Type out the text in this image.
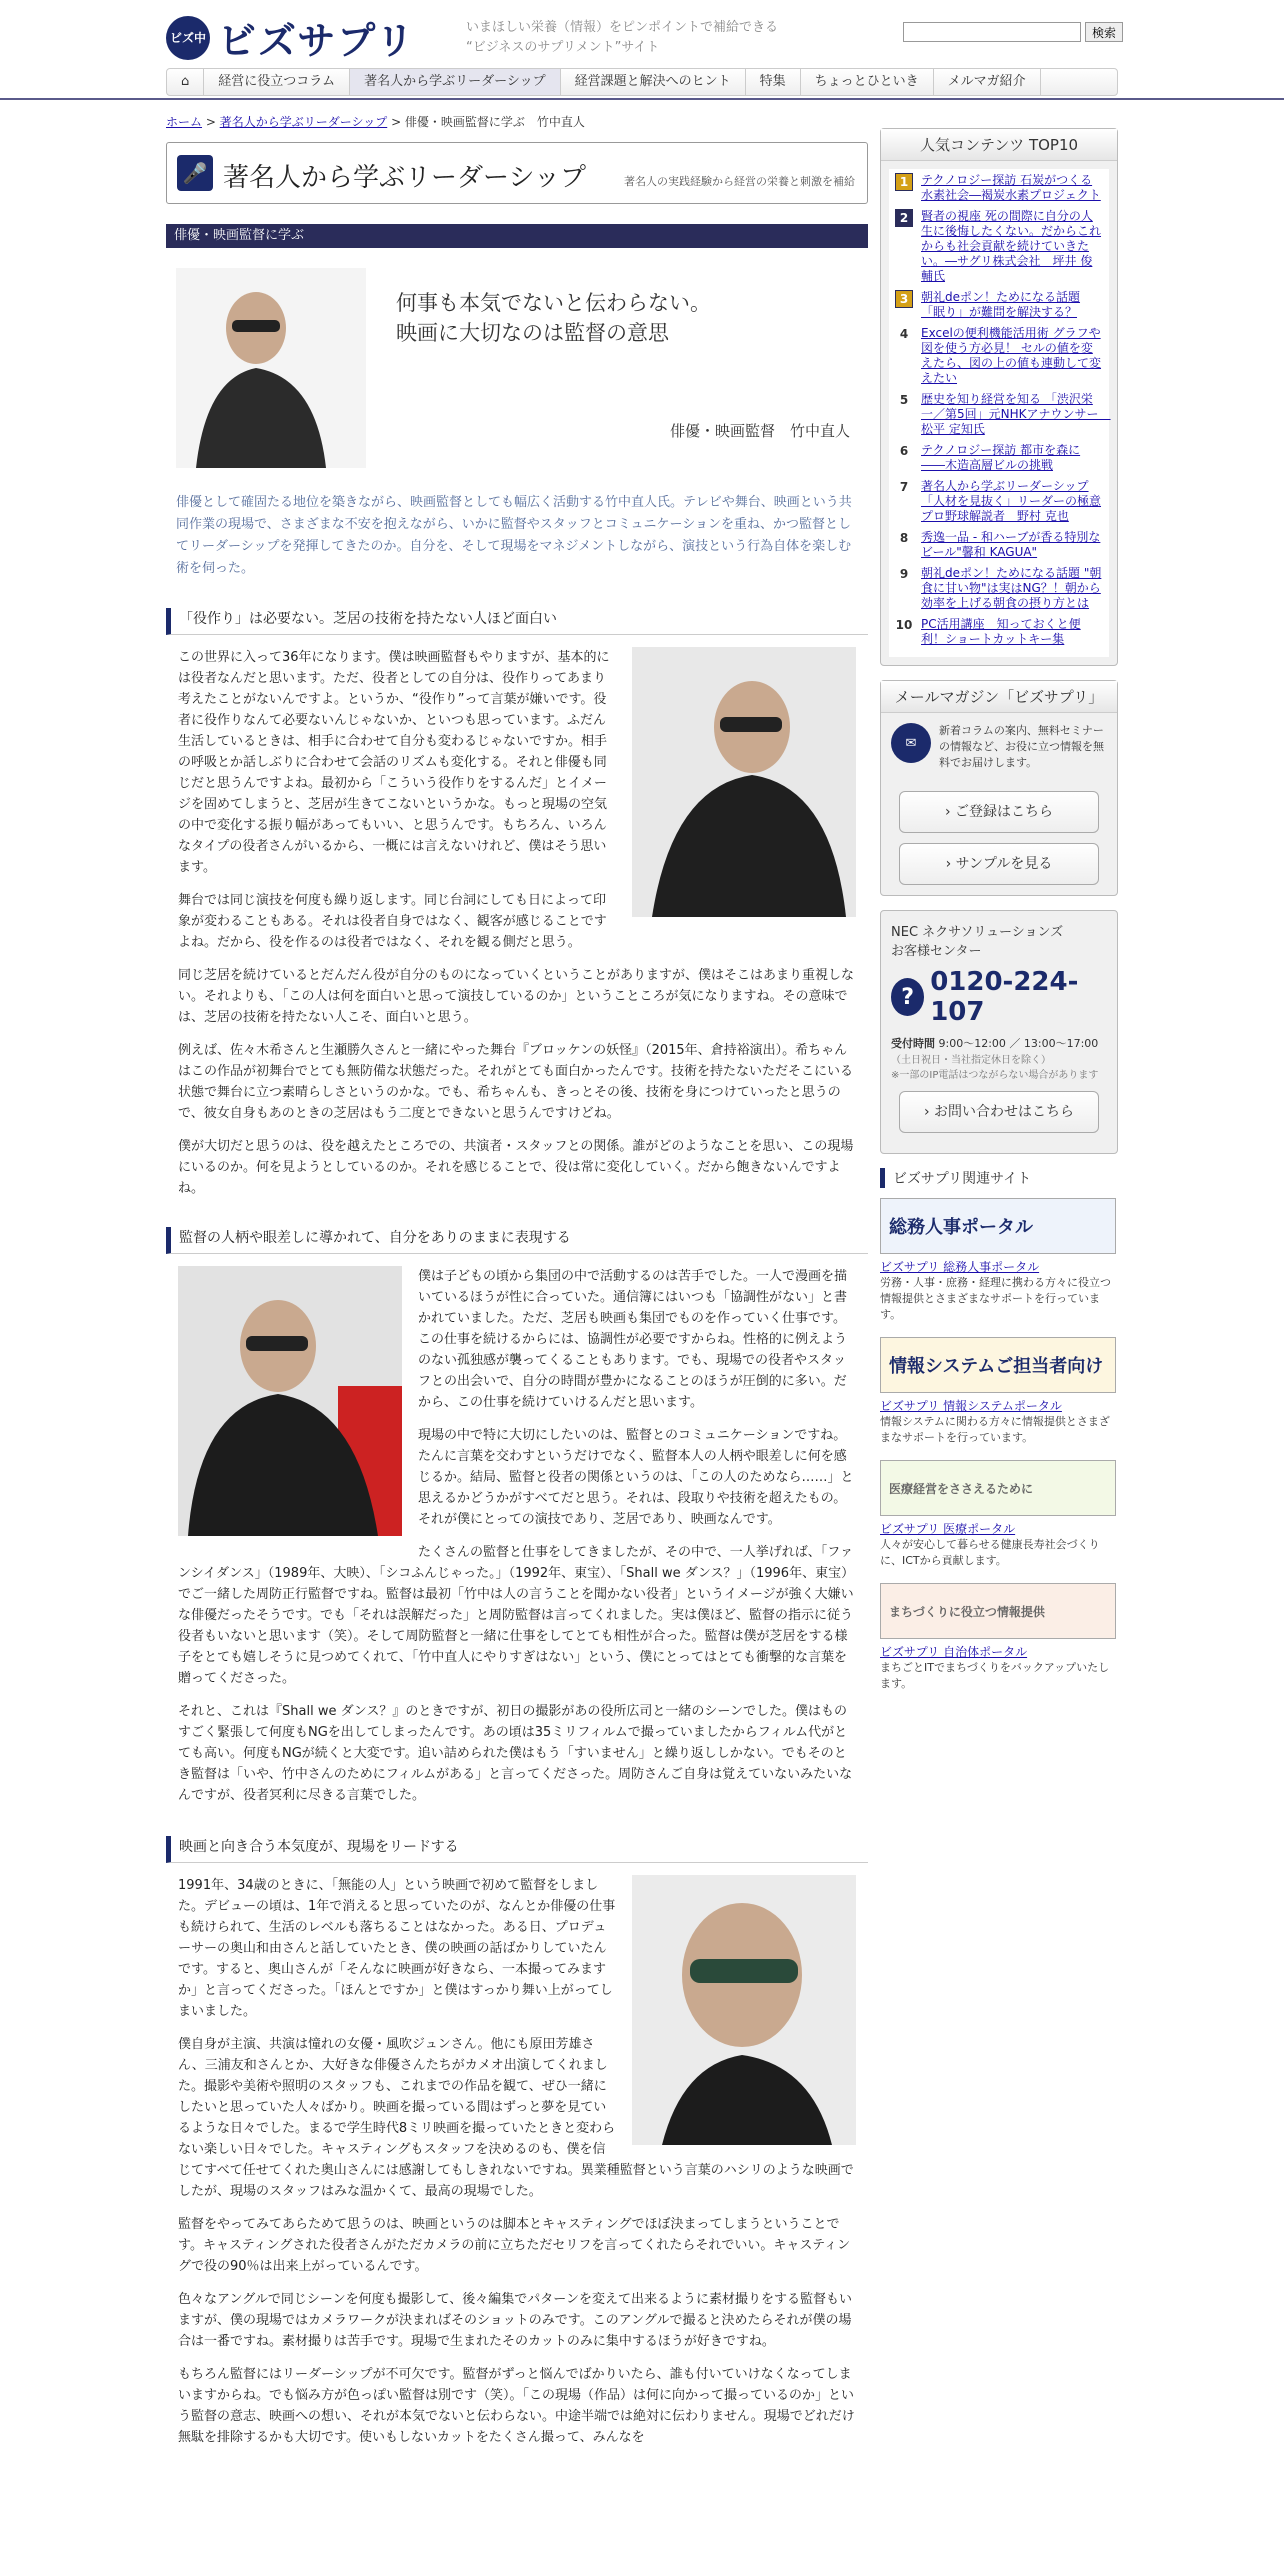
ビズ中 ビズサプリ	いまほしい栄養（情報）をピンポイントで補給できる
“ビジネスのサプリメント”サイト
検索
⌂	経営に役立つコラム	著名人から学ぶリーダーシップ	経営課題と解決へのヒント	特集	ちょっとひといき	メルマガ紹介
ホーム > 著名人から学ぶリーダーシップ > 俳優・映画監督に学ぶ　竹中直人
🎤 著名人から学ぶリーダーシップ	著名人の実践経験から経営の栄養と刺激を補給
俳優・映画監督に学ぶ
何事も本気でないと伝わらない。
映画に大切なのは監督の意思
俳優・映画監督　竹中直人
俳優として確固たる地位を築きながら、映画監督としても幅広く活動する竹中直人氏。テレビや舞台、映画という共同作業の現場で、さまざまな不安を抱えながら、いかに監督やスタッフとコミュニケーションを重ね、かつ監督としてリーダーシップを発揮してきたのか。自分を、そして現場をマネジメントしながら、演技という行為自体を楽しむ術を伺った。
「役作り」は必要ない。芝居の技術を持たない人ほど面白い

この世界に入って36年になります。僕は映画監督もやりますが、基本的には役者なんだと思います。ただ、役者としての自分は、役作りってあまり考えたことがないんですよ。というか、“役作り”って言葉が嫌いです。役者に役作りなんて必要ないんじゃないか、といつも思っています。ふだん生活しているときは、相手に合わせて自分も変わるじゃないですか。相手の呼吸とか話しぶりに合わせて会話のリズムも変化する。それと俳優も同じだと思うんですよね。最初から「こういう役作りをするんだ」とイメージを固めてしまうと、芝居が生きてこないというかな。もっと現場の空気の中で変化する振り幅があってもいい、と思うんです。もちろん、いろんなタイプの役者さんがいるから、一概には言えないけれど、僕はそう思います。

舞台では同じ演技を何度も繰り返します。同じ台詞にしても日によって印象が変わることもある。それは役者自身ではなく、観客が感じることですよね。だから、役を作るのは役者ではなく、それを観る側だと思う。

同じ芝居を続けているとだんだん役が自分のものになっていくということがありますが、僕はそこはあまり重視しない。それよりも、「この人は何を面白いと思って演技しているのか」ということころが気になりますね。その意味では、芝居の技術を持たない人こそ、面白いと思う。

例えば、佐々木希さんと生瀬勝久さんと一緒にやった舞台『ブロッケンの妖怪』（2015年、倉持裕演出）。希ちゃんはこの作品が初舞台でとても無防備な状態だった。それがとても面白かったんです。技術を持たないただそこにいる状態で舞台に立つ素晴らしさというのかな。でも、希ちゃんも、きっとその後、技術を身につけていったと思うので、彼女自身もあのときの芝居はもう二度とできないと思うんですけどね。

僕が大切だと思うのは、役を越えたところでの、共演者・スタッフとの関係。誰がどのようなことを思い、この現場にいるのか。何を見ようとしているのか。それを感じることで、役は常に変化していく。だから飽きないんですよね。

監督の人柄や眼差しに導かれて、自分をありのままに表現する

僕は子どもの頃から集団の中で活動するのは苦手でした。一人で漫画を描いているほうが性に合っていた。通信簿にはいつも「協調性がない」と書かれていました。ただ、芝居も映画も集団でものを作っていく仕事です。この仕事を続けるからには、協調性が必要ですからね。性格的に例えようのない孤独感が襲ってくることもあります。でも、現場での役者やスタッフとの出会いで、自分の時間が豊かになることのほうが圧倒的に多い。だから、この仕事を続けていけるんだと思います。

現場の中で特に大切にしたいのは、監督とのコミュニケーションですね。たんに言葉を交わすというだけでなく、監督本人の人柄や眼差しに何を感じるか。結局、監督と役者の関係というのは、「この人のためなら……」と思えるかどうかがすべてだと思う。それは、段取りや技術を超えたもの。それが僕にとっての演技であり、芝居であり、映画なんです。

たくさんの監督と仕事をしてきましたが、その中で、一人挙げれば、「ファンシイダンス」（1989年、大映）、「シコふんじゃった。」（1992年、東宝）、「Shall we ダンス？」（1996年、東宝）でご一緒した周防正行監督ですね。監督は最初「竹中は人の言うことを聞かない役者」というイメージが強く大嫌いな俳優だったそうです。でも「それは誤解だった」と周防監督は言ってくれました。実は僕ほど、監督の指示に従う役者もいないと思います（笑）。そして周防監督と一緒に仕事をしてとても相性が合った。監督は僕が芝居をする様子をとても嬉しそうに見つめてくれて、「竹中直人にやりすぎはない」という、僕にとってはとても衝撃的な言葉を贈ってくださった。

それと、これは『Shall we ダンス？』のときですが、初日の撮影があの役所広司と一緒のシーンでした。僕はものすごく緊張して何度もNGを出してしまったんです。あの頃は35ミリフィルムで撮っていましたからフィルム代がとても高い。何度もNGが続くと大変です。追い詰められた僕はもう「すいません」と繰り返ししかない。でもそのとき監督は「いや、竹中さんのためにフィルムがある」と言ってくださった。周防さんご自身は覚えていないみたいなんですが、役者冥利に尽きる言葉でした。

映画と向き合う本気度が、現場をリードする

1991年、34歳のときに、「無能の人」という映画で初めて監督をしました。デビューの頃は、1年で消えると思っていたのが、なんとか俳優の仕事も続けられて、生活のレベルも落ちることはなかった。ある日、プロデューサーの奥山和由さんと話していたとき、僕の映画の話ばかりしていたんです。すると、奥山さんが「そんなに映画が好きなら、一本撮ってみますか」と言ってくださった。「ほんとですか」と僕はすっかり舞い上がってしまいました。

僕自身が主演、共演は憧れの女優・風吹ジュンさん。他にも原田芳雄さん、三浦友和さんとか、大好きな俳優さんたちがカメオ出演してくれました。撮影や美術や照明のスタッフも、これまでの作品を観て、ぜひ一緒にしたいと思っていた人々ばかり。映画を撮っている間はずっと夢を見ているような日々でした。まるで学生時代8ミリ映画を撮っていたときと変わらない楽しい日々でした。キャスティングもスタッフを決めるのも、僕を信じてすべて任せてくれた奥山さんには感謝してもしきれないですね。異業種監督という言葉のハシリのような映画でしたが、現場のスタッフはみな温かくて、最高の現場でした。

監督をやってみてあらためて思うのは、映画というのは脚本とキャスティングでほぼ決まってしまうということです。キャスティングされた役者さんがただカメラの前に立ちただセリフを言ってくれたらそれでいい。キャスティングで役の90％は出来上がっているんです。

色々なアングルで同じシーンを何度も撮影して、後々編集でパターンを変えて出来るように素材撮りをする監督もいますが、僕の現場ではカメラワークが決まればそのショットのみです。このアングルで撮ると決めたらそれが僕の場合は一番ですね。素材撮りは苦手です。現場で生まれたそのカットのみに集中するほうが好きですね。

もちろん監督にはリーダーシップが不可欠です。監督がずっと悩んでばかりいたら、誰も付いていけなくなってしまいますからね。でも悩み方が色っぽい監督は別です（笑）。「この現場（作品）は何に向かって撮っているのか」という監督の意志、映画への想い、それが本気でないと伝わらない。中途半端では絶対に伝わりません。現場でどれだけ無駄を排除するかも大切です。使いもしないカットをたくさん撮って、みんなを

人気コンテンツ TOP10
1	テクノロジー探訪 石炭がつくる水素社会―褐炭水素プロジェクト
2	賢者の視座 死の間際に自分の人生に後悔したくない。だからこれからも社会貢献を続けていきたい。―サグリ株式会社　坪井 俊輔氏
3	朝礼deポン！ためになる話題 「眠り」が難問を解決する？
4	Excelの便利機能活用術 グラフや図を使う方必見！ セルの値を変えたら、図の上の値も連動して変えたい
5	歴史を知り経営を知る 「渋沢栄一／第5回」元NHKアナウンサー　松平 定知氏
6	テクノロジー探訪 都市を森に――木造高層ビルの挑戦
7	著名人から学ぶリーダーシップ 「人材を見抜く」リーダーの極意 プロ野球解説者　野村 克也
8	秀逸一品 - 和ハーブが香る特別なビール"馨和 KAGUA"
9	朝礼deポン！ためになる話題 "朝食に甘い物"は実はNG？！朝から効率を上げる朝食の摂り方とは
10 PC活用講座　知っておくと便利！ショートカットキー集
メールマガジン「ビズサプリ」
✉
新着コラムの案内、無料セミナーの情報など、お役に立つ情報を無料でお届けします。
› ご登録はこちら
› サンプルを見る
NEC ネクサソリューションズ
お客様センター
? 0120-224-107
受付時間 9:00～12:00 ／ 13:00～17:00
（土日祝日・当社指定休日を除く）
※一部のIP電話はつながらない場合があります
› お問い合わせはこちら
ビズサプリ関連サイト
総務人事ポータル
ビズサプリ 総務人事ポータル
労務・人事・庶務・経理に携わる方々に役立つ情報提供とさまざまなサポートを行っています。
情報システムご担当者向け
ビズサプリ 情報システムポータル
情報システムに関わる方々に情報提供とさまざまなサポートを行っています。
医療経営をささえるために
ビズサプリ 医療ポータル
人々が安心して暮らせる健康長寿社会づくりに、ICTから貢献します。
まちづくりに役立つ情報提供
ビズサプリ 自治体ポータル
まちごとITでまちづくりをバックアップいたします。
